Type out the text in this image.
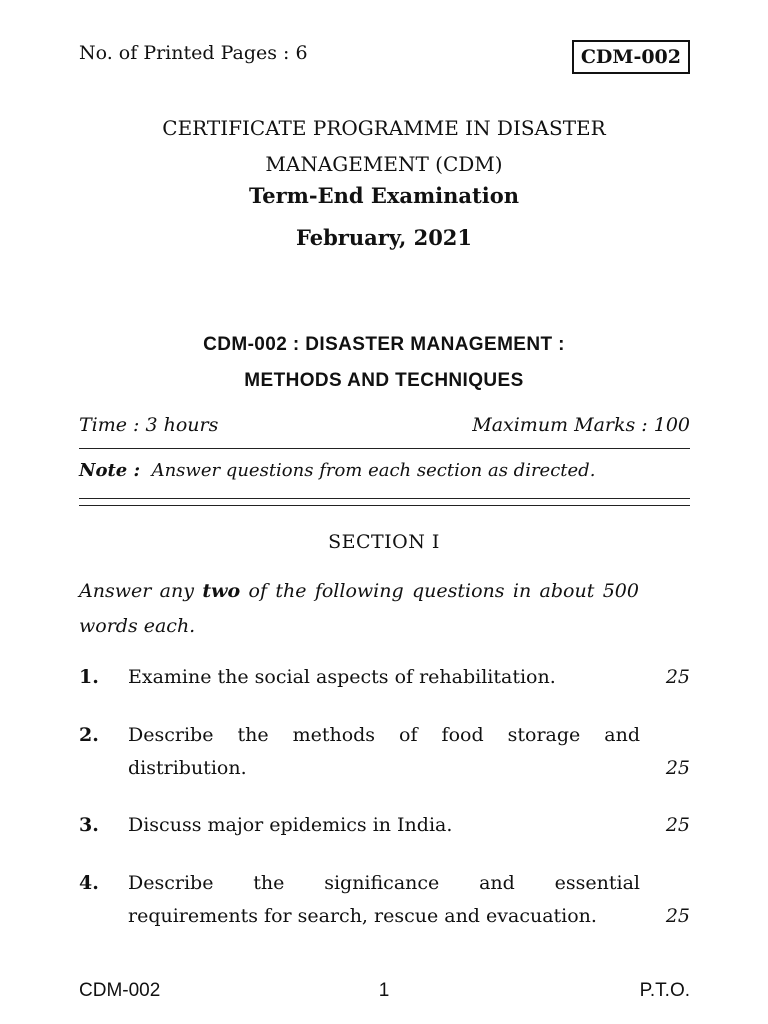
No. of Printed Pages : 6	CDM-002
CERTIFICATE PROGRAMME IN DISASTER
MANAGEMENT (CDM)
Term-End Examination
February, 2021
CDM-002 : DISASTER MANAGEMENT :
METHODS AND TECHNIQUES
Time : 3 hours	Maximum Marks : 100
Note : Answer questions from each section as directed.
SECTION I
Answer any two of the following questions in about 500 words each.
1. Examine the social aspects of rehabilitation.	25
2. Describe the methods of food storage and distribution.	25
3. Discuss major epidemics in India.	25
4. Describe the significance and essential requirements for search, rescue and evacuation.	25
CDM-002	1	P.T.O.
